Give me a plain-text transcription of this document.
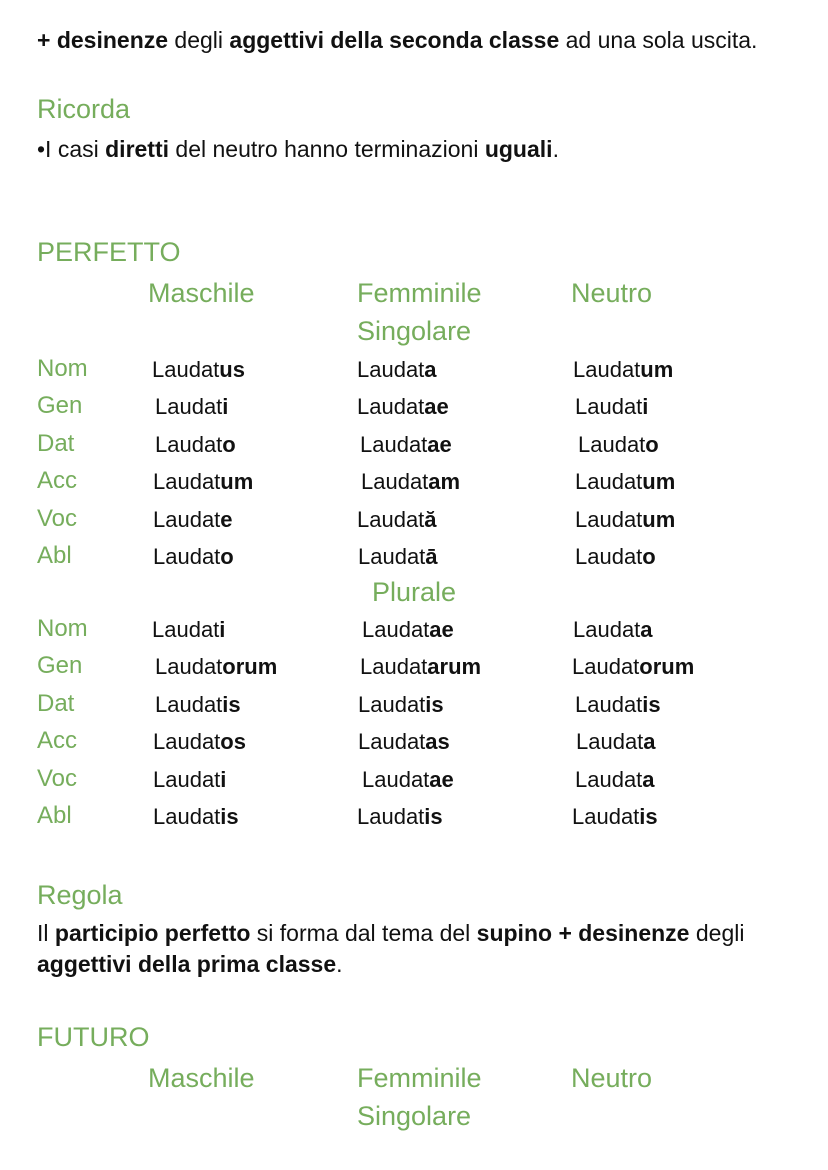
+ desinenze degli aggettivi della seconda classe ad una sola uscita.
Ricorda
•I casi diretti del neutro hanno terminazioni uguali.
PERFETTO
Maschile	Femminile	Neutro
Singolare
Nom	Laudatus	Laudata	Laudatum
Gen	Laudati	Laudatae	Laudati
Dat	Laudato	Laudatae	Laudato
Acc	Laudatum	Laudatam	Laudatum
Voc	Laudate	Laudată	Laudatum
Abl	Laudato	Laudatā	Laudato
Plurale
Nom	Laudati	Laudatae	Laudata
Gen	Laudatorum	Laudatarum	Laudatorum
Dat	Laudatis	Laudatis	Laudatis
Acc	Laudatos	Laudatas	Laudata
Voc	Laudati	Laudatae	Laudata
Abl	Laudatis	Laudatis	Laudatis
Regola
Il participio perfetto si forma dal tema del supino + desinenze degli aggettivi della prima classe.
FUTURO
Maschile	Femminile	Neutro
Singolare
